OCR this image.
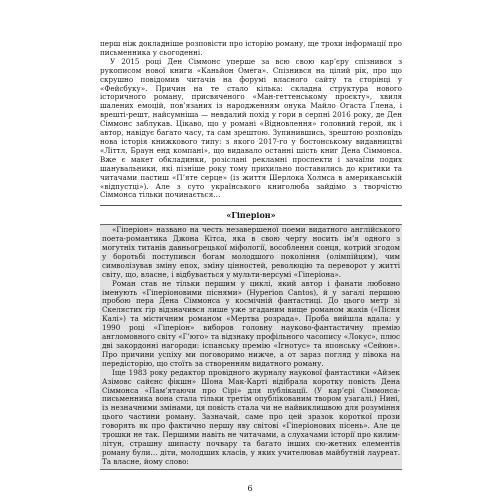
перш ніж докладніше розповісти про історію роману, ще трохи інформації про письменника у сьогоденні.

У 2015 році Ден Сіммонс уперше за всю свою кар’єру спізнився з рукописом нової книги «Каньйон Омега». Спізнився на цілий рік, про що скрушно повідомив читачів на форумі власного сайту та сторінці у «Фейсбуку». Причин на те стало кілька: складна структура нового історичного роману, присвяченого «Ман-геттенському проєкту», хвиля шалених емоцій, пов’язаних із народженням онука Майло Огаста Ґлена, і врешті-решт, найсумніша — невдалий похід у гори в серпні 2016 року, де Ден Сіммонс заблукав. Цікаво, що у романі «Відновлення» головний герой, як і автор, навідує багато часу, та сам зрештою. Зупинившись, зрештою розповідь нова історія книжкового типу: з якого 2017-го у бостонському видавництві «Літтл, Браун енд компані», що видавало останні шість книг Дена Сіммонса. Вже є макет обкладинки, розіслані рекламні проспекти і зачаїли подих шанувальники, які пізніше року тому прихильно поставились до критики та читачами пастиш «П’яте серце» (із життя Шерлока Холмса в американській «відпустці»). Але з суто українського книголюба зайдімо з творчістю Сіммонса тільки починається…

«Гіперіон»

«Гіперіон» названо на честь незавершеної поеми видатного англійського поета-романтика Джона Кітса, яка в свою чергу носить ім’я одного з могутніх титанів давньогрецької міфології, вособлення сонця, котрий згодом у боротьбі поступився богам молодшого покоління (олімпійцям), чим символізував зміну епох, зміну цінностей, революцію та переворот у житті світу, що, власне, і відбувається у мульти-версумі «Гіперіона».

Роман став не тільки першим у циклі, який автор і фанати любовно іменують «Гіперіоновими піснями» (Hyperion Cantos), й у загалі першою пробою пера Дена Сіммонса у космічній фантастиці. До цього метр зі Скелястих гір відзначився лише уже згаданим вище романом жахів («Пісня Калі») та містичним романом «Мертва розрада». Проба вийшла вдала: у 1990 році «Гіперіон» виборов головну науково-фантастичну премію англомовного світу «Г’юго» та відзнаку профільного часопису «Локус», плюс дві закордонні нагороди: іспанську премію «Ігнотус» та японську «Сейюн». Про причини успіху ми поговоримо нижче, а от зараз погляд у півока на передісторію, що стоїть за створенням видатного роману.

Іще 1983 року редактор провідного журналу наукової фантастики «Айзек Азімовс сайєнс фікшн» Шона Мак-Карті відібрала коротку повість Дена Сіммонса «Пам’ятаючи про Сірі» для публікації. (У кар’єрі Сіммонса-письменника вона стала тільки третім опублікованим твором узагалі.) Нині, із незначними змінами, ця повість стала чи не найвиклишвою для розуміння цього частини роману. Зазначай, саме про цей зразок короткої прози говорять як про фактично першу яву світові «Гіперіонових пісень». Але це трошки не так. Першими навіть не читачами, а слухачами історії про килим-літун, страшну шипасту почвару та багато інших сю-жетних елементів роману були… діти, молодших класів, у яких учителював майбутній лауреат. Та власне, йому слово:

6
